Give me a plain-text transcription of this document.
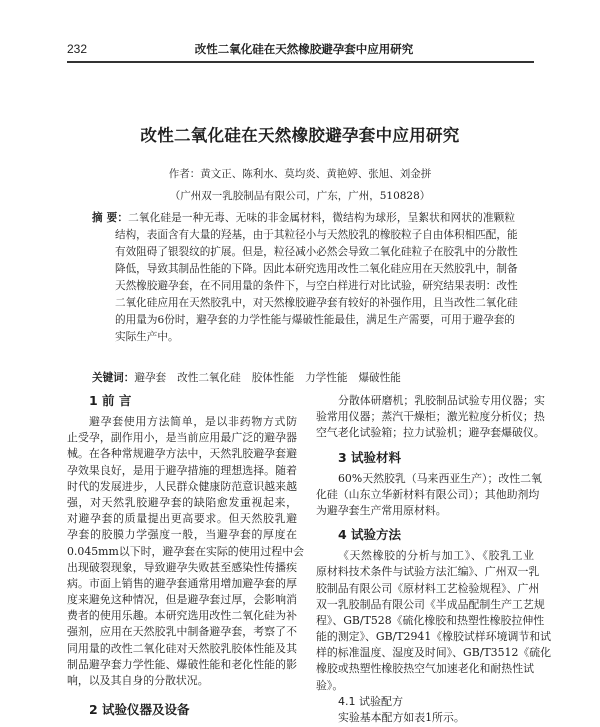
232	改性二氧化硅在天然橡胶避孕套中应用研究
改性二氧化硅在天然橡胶避孕套中应用研究
作者：黄文正、陈利水、莫均炎、黄艳婷、张旭、刘金拼
（广州双一乳胶制品有限公司，广东，广州，510828）
摘 要：二氧化硅是一种无毒、无味的非金属材料，微结构为球形，呈絮状和网状的准颗粒
结构，表面含有大量的羟基，由于其粒径小与天然胶乳的橡胶粒子自由体积相匹配，能
有效阻碍了银裂纹的扩展。但是，粒径减小必然会导致二氧化硅粒子在胶乳中的分散性
降低，导致其制品性能的下降。因此本研究选用改性二氧化硅应用在天然胶乳中，制备
天然橡胶避孕套，在不同用量的条件下，与空白样进行对比试验，研究结果表明：改性
二氧化硅应用在天然胶乳中，对天然橡胶避孕套有较好的补强作用，且当改性二氧化硅
的用量为6份时，避孕套的力学性能与爆破性能最佳，满足生产需要，可用于避孕套的
实际生产中。
关键词：避孕套 改性二氧化硅 胶体性能 力学性能 爆破性能
1 前 言
避孕套使用方法简单，是以非药物方式防
止受孕，副作用小，是当前应用最广泛的避孕器
械。在各种常规避孕方法中，天然乳胶避孕套避
孕效果良好，是用于避孕措施的理想选择。随着
时代的发展进步，人民群众健康防范意识越来越
强，对天然乳胶避孕套的缺陷愈发重视起来，
对避孕套的质量提出更高要求。但天然胶乳避
孕套的胶膜力学强度一般，当避孕套的厚度在
0.045mm以下时，避孕套在实际的使用过程中会
出现破裂现象，导致避孕失败甚至感染性传播疾
病。市面上销售的避孕套通常用增加避孕套的厚
度来避免这种情况，但是避孕套过厚，会影响消
费者的使用乐趣。本研究选用改性二氧化硅为补
强剂，应用在天然胶乳中制备避孕套，考察了不
同用量的改性二氧化硅对天然胶乳胶体性能及其
制品避孕套力学性能、爆破性能和老化性能的影
响，以及其自身的分散状况。
2 试验仪器及设备
分散体研磨机；乳胶制品试验专用仪器；实
验常用仪器；蒸汽干燥柜；激光粒度分析仪；热
空气老化试验箱；拉力试验机；避孕套爆破仪。
3 试验材料
60%天然胶乳（马来西亚生产）；改性二氧
化硅（山东立华新材料有限公司）；其他助剂均
为避孕套生产常用原材料。
4 试验方法
《天然橡胶的分析与加工》、《胶乳工业
原材料技术条件与试验方法汇编》、广州双一乳
胶制品有限公司《原材料工艺检验规程》、广州
双一乳胶制品有限公司《半成品配制生产工艺规
程》、GB/T528《硫化橡胶和热塑性橡胶拉伸性
能的测定》、GB/T2941《橡胶试样环境调节和试
样的标准温度、湿度及时间》、GB/T3512《硫化
橡胶或热塑性橡胶热空气加速老化和耐热性试
验》。
4.1 试验配方
实验基本配方如表1所示。
